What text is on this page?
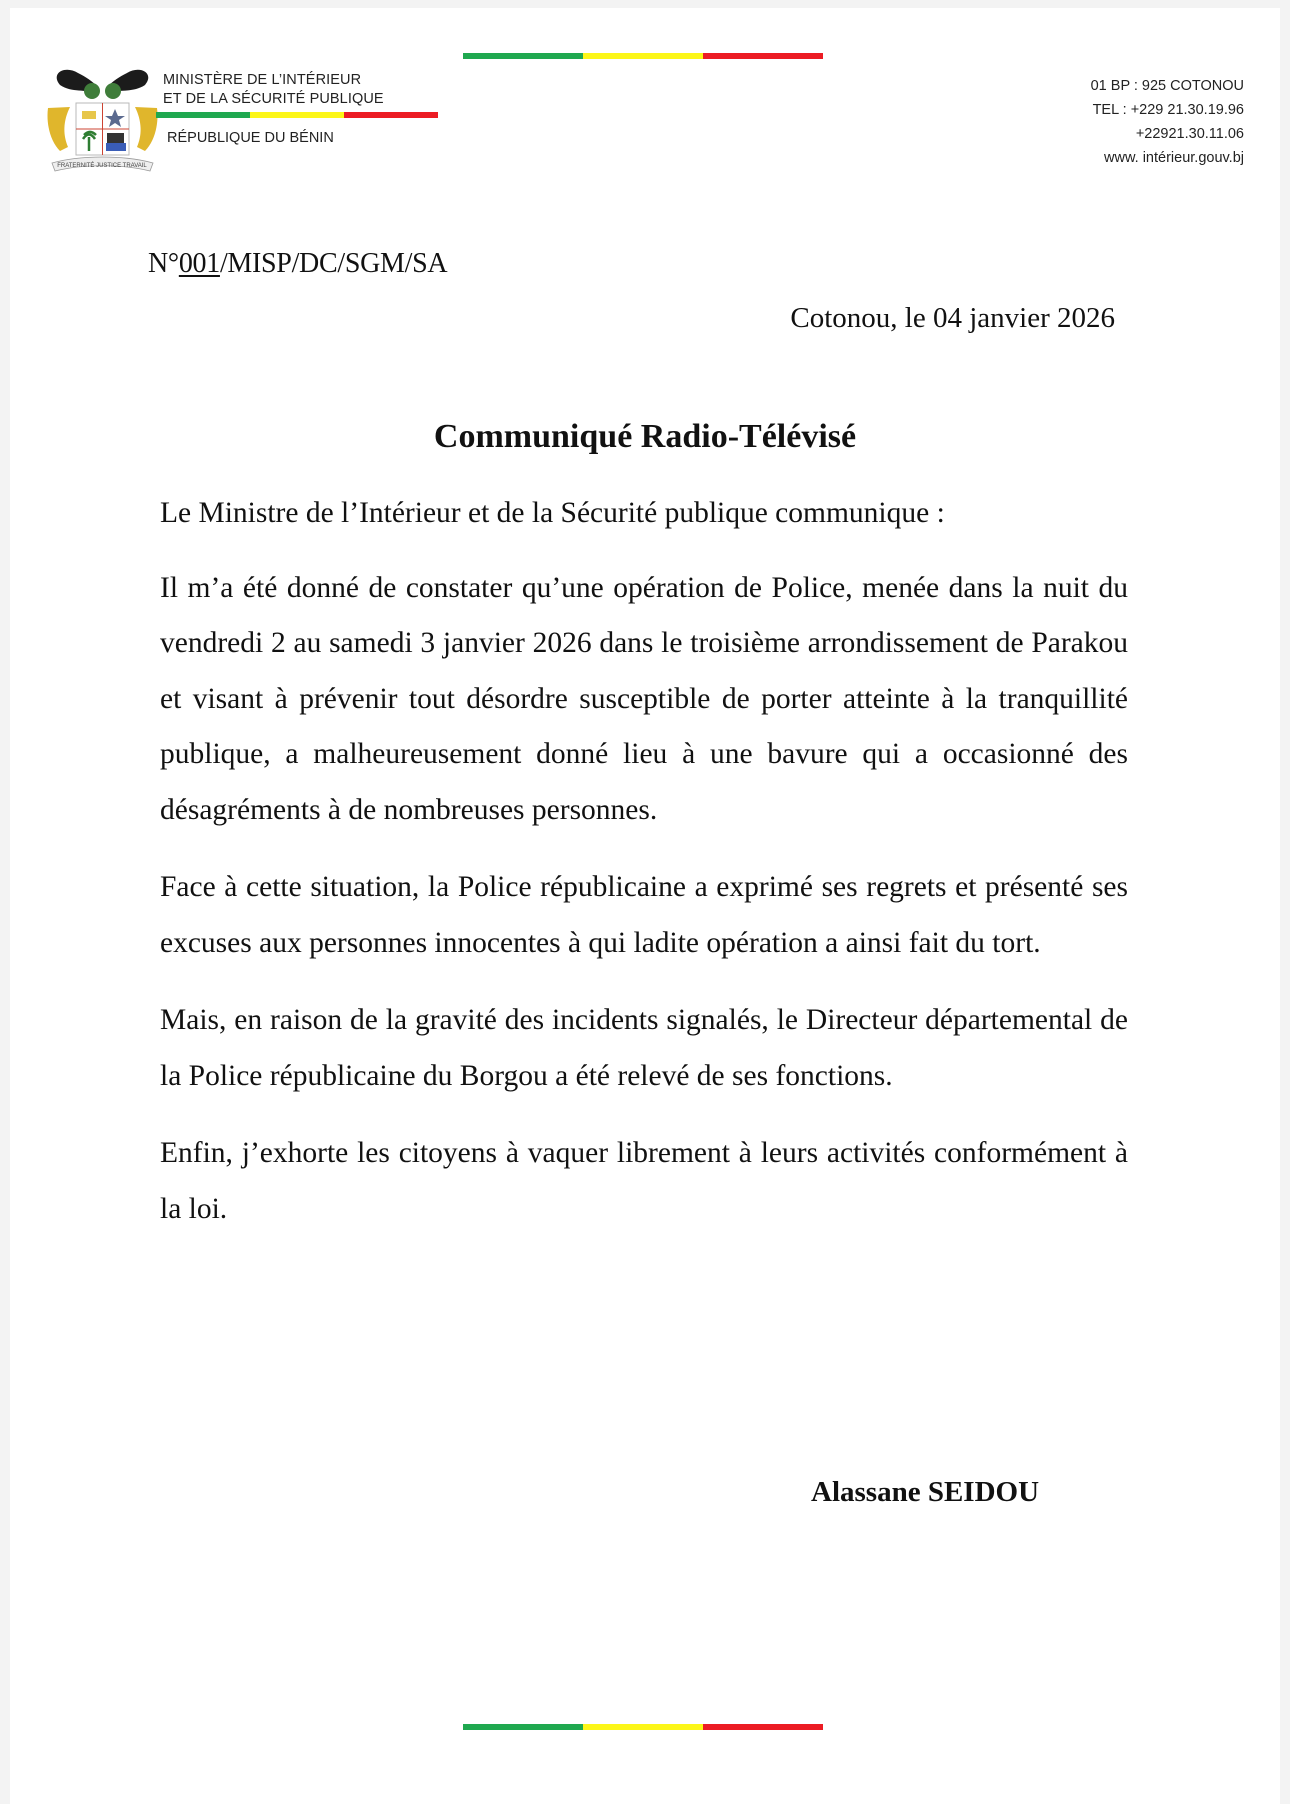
FRATERNITÉ JUSTICE TRAVAIL
MINISTÈRE DE L’INTÉRIEUR
ET DE LA SÉCURITÉ PUBLIQUE
RÉPUBLIQUE DU BÉNIN
01 BP : 925 COTONOU
TEL : +229 21.30.19.96
+22921.30.11.06
www. intérieur.gouv.bj
N°001/MISP/DC/SGM/SA
Cotonou, le 04 janvier 2026
Communiqué Radio-Télévisé

Le Ministre de l’Intérieur et de la Sécurité publique communique :

Il m’a été donné de constater qu’une opération de Police, menée dans la nuit du vendredi 2 au samedi 3 janvier 2026 dans le troisième arrondissement de Parakou et visant à prévenir tout désordre susceptible de porter atteinte à la tranquillité publique, a malheureusement donné lieu à une bavure qui a occasionné des désagréments à de nombreuses personnes.

Face à cette situation, la Police républicaine a exprimé ses regrets et présenté ses excuses aux personnes innocentes à qui ladite opération a ainsi fait du tort.

Mais, en raison de la gravité des incidents signalés, le Directeur départemental de la Police républicaine du Borgou a été relevé de ses fonctions.

Enfin, j’exhorte les citoyens à vaquer librement à leurs activités conformément à la loi.

Alassane SEIDOU
